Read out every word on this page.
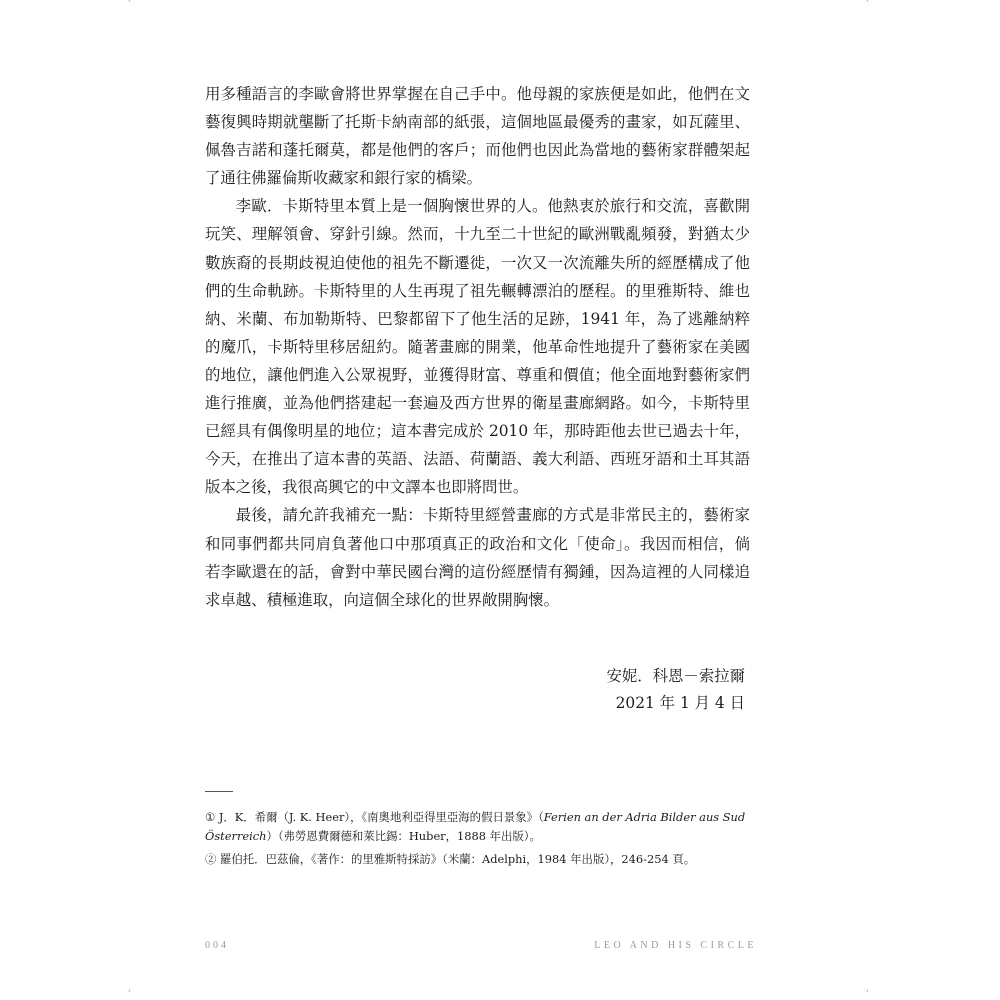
'	'
'	'

用多種語言的李歐會將世界掌握在自己手中。他母親的家族便是如此，他們在文藝復興時期就壟斷了托斯卡納南部的紙張，這個地區最優秀的畫家，如瓦薩里、佩魯吉諾和蓬托爾莫，都是他們的客戶；而他們也因此為當地的藝術家群體架起了通往佛羅倫斯收藏家和銀行家的橋梁。

李歐．卡斯特里本質上是一個胸懷世界的人。他熱衷於旅行和交流，喜歡開玩笑、理解領會、穿針引線。然而，十九至二十世紀的歐洲戰亂頻發，對猶太少數族裔的長期歧視迫使他的祖先不斷遷徙，一次又一次流離失所的經歷構成了他們的生命軌跡。卡斯特里的人生再現了祖先輾轉漂泊的歷程。的里雅斯特、維也納、米蘭、布加勒斯特、巴黎都留下了他生活的足跡，1941 年，為了逃離納粹的魔爪，卡斯特里移居紐約。隨著畫廊的開業，他革命性地提升了藝術家在美國的地位，讓他們進入公眾視野，並獲得財富、尊重和價值；他全面地對藝術家們進行推廣，並為他們搭建起一套遍及西方世界的衛星畫廊網路。如今，卡斯特里已經具有偶像明星的地位；這本書完成於 2010 年，那時距他去世已過去十年，今天，在推出了這本書的英語、法語、荷蘭語、義大利語、西班牙語和土耳其語版本之後，我很高興它的中文譯本也即將問世。

最後，請允許我補充一點：卡斯特里經營畫廊的方式是非常民主的，藝術家和同事們都共同肩負著他口中那項真正的政治和文化「使命」。我因而相信，倘若李歐還在的話，會對中華民國台灣的這份經歷情有獨鍾，因為這裡的人同樣追求卓越、積極進取，向這個全球化的世界敞開胸懷。

安妮．科恩－索拉爾
2021 年 1 月 4 日

① J．K．希爾（J. K. Heer），《南奧地利亞得里亞海的假日景象》（Ferien an der Adria Bilder aus Sud Österreich）（弗勞恩費爾德和萊比錫：Huber，1888 年出版）。

② 羅伯托．巴茲倫，《著作：的里雅斯特採訪》（米蘭：Adelphi，1984 年出版），246-254 頁。

004	LEO AND HIS CIRCLE
